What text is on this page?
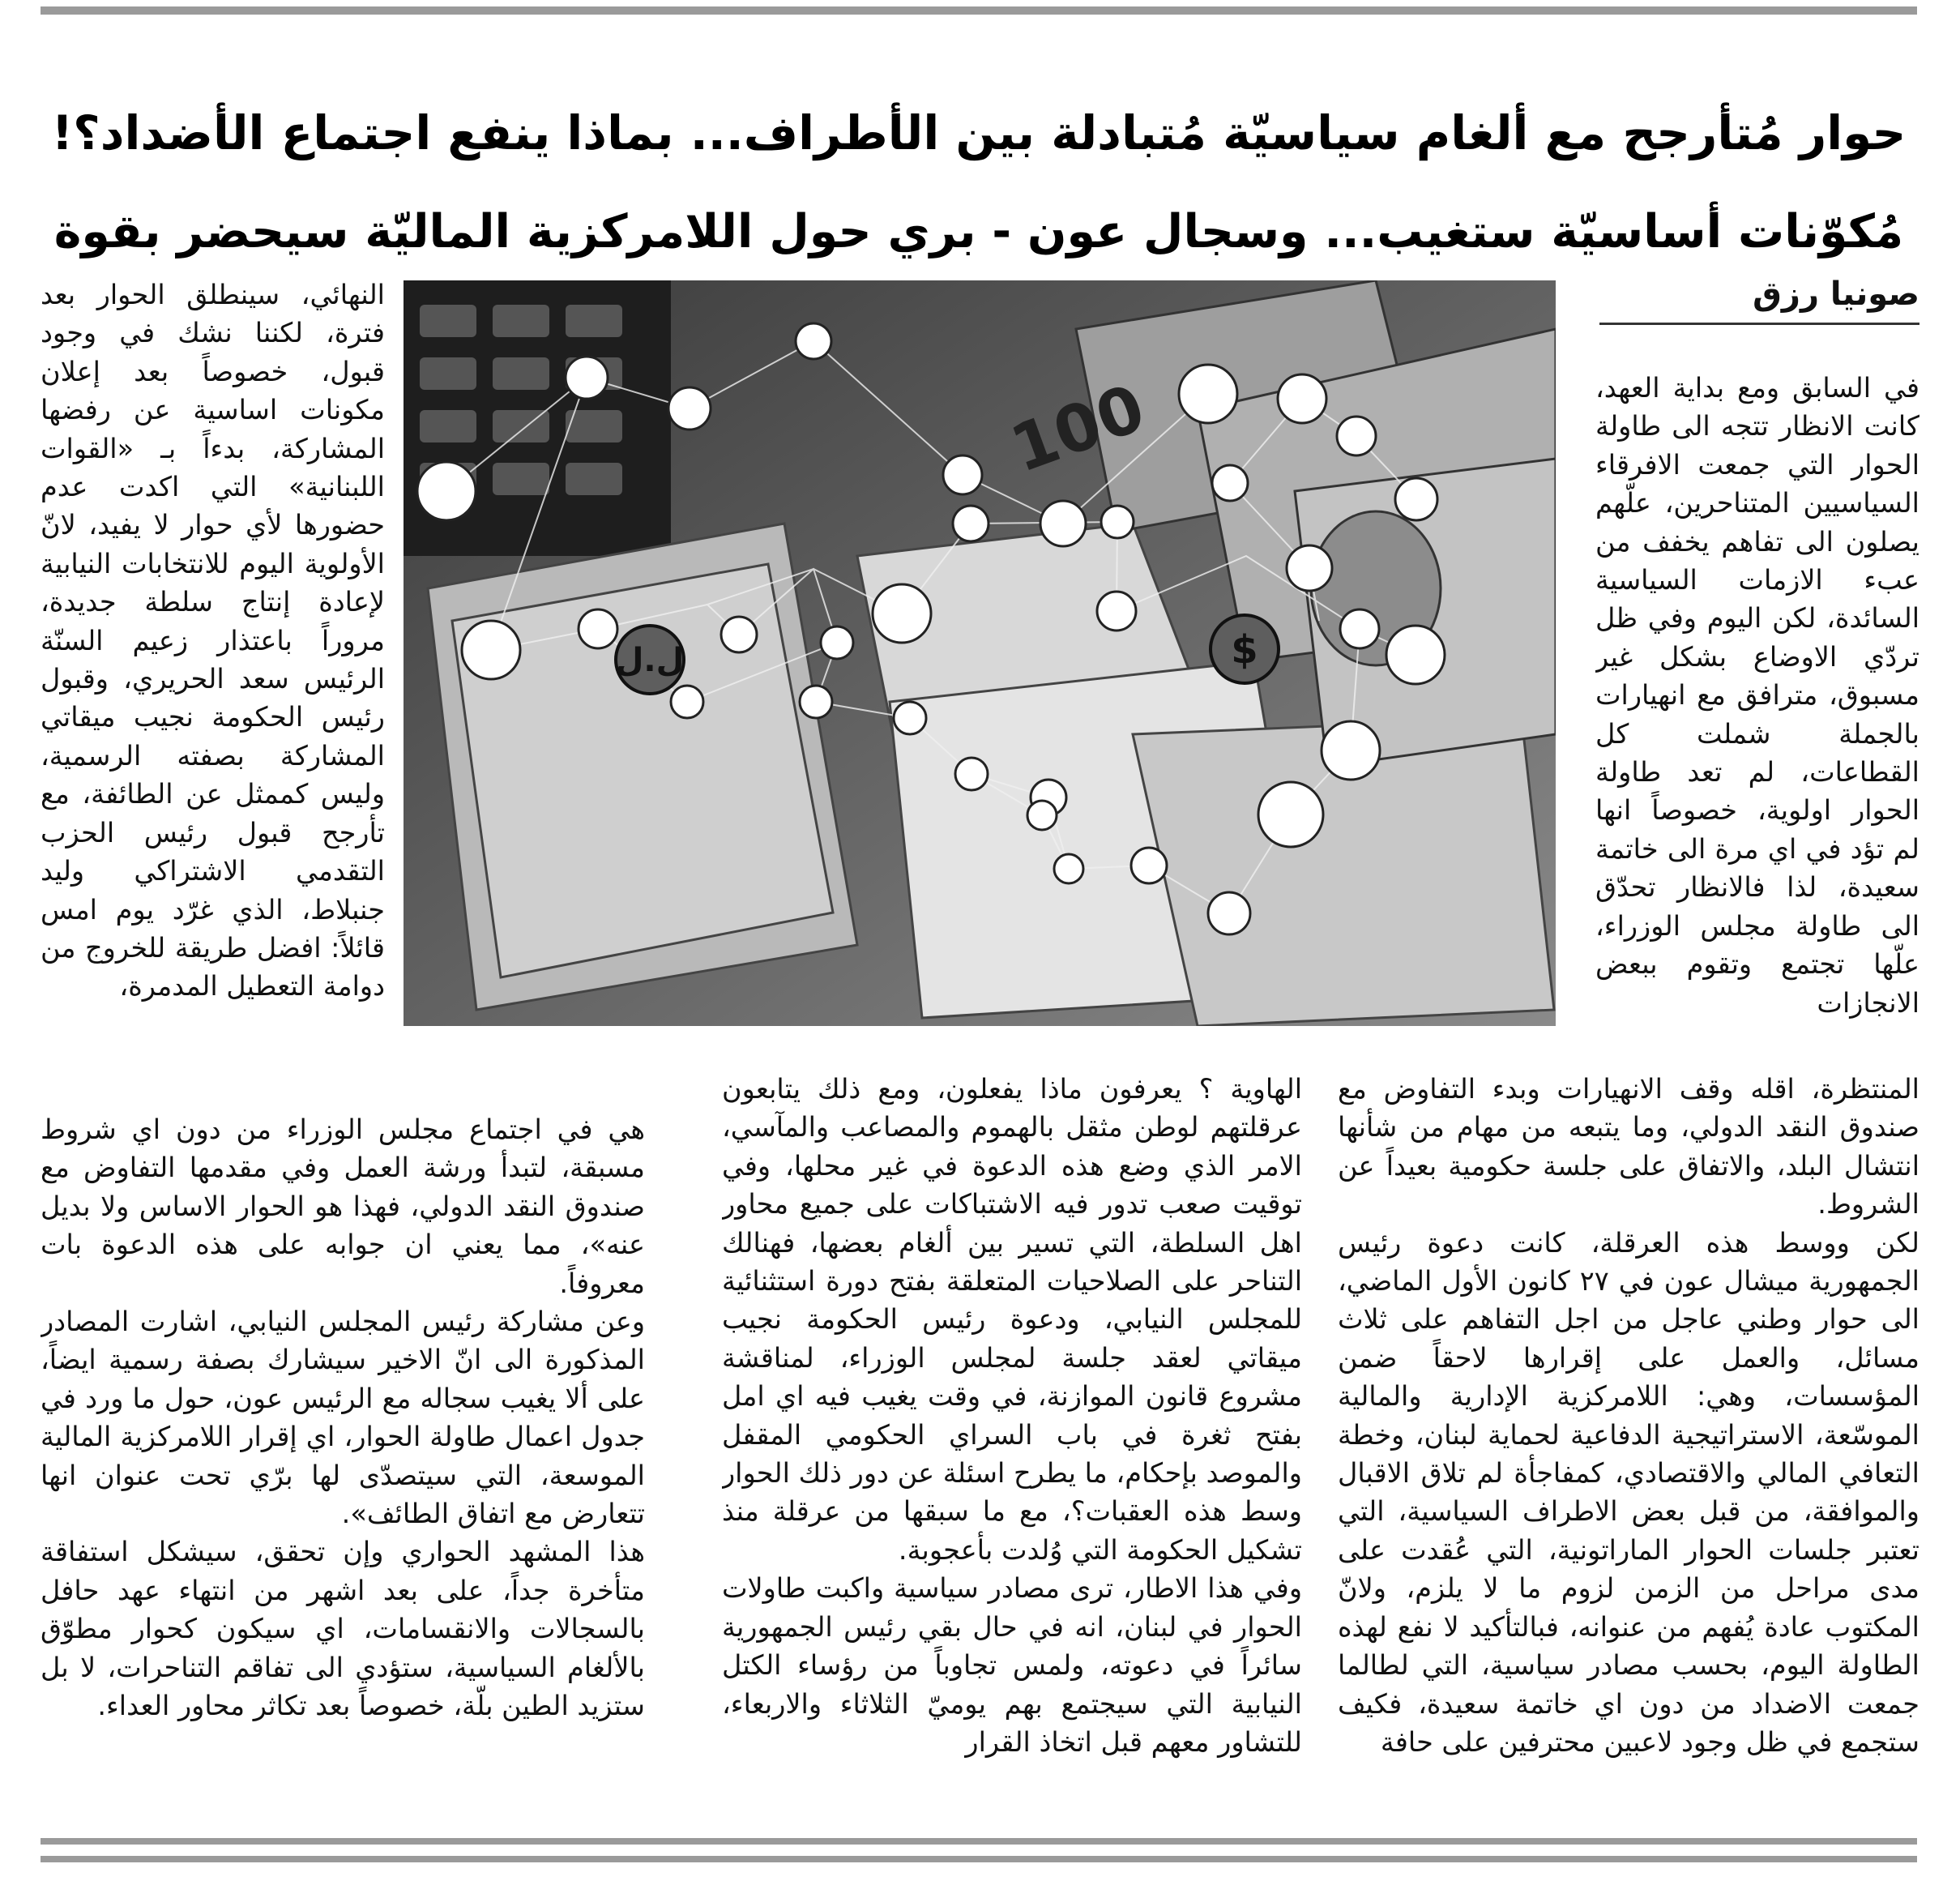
حوار مُتأرجح مع ألغام سياسيّة مُتبادلة بين الأطراف... بماذا ينفع اجتماع الأضداد؟!
مُكوّنات أساسيّة ستغيب... وسجال عون - بري حول اللامركزية الماليّة سيحضر بقوة
صونيا رزق

في السابق ومع بداية العهد، كانت الانظار تتجه الى طاولة الحوار التي جمعت الافرقاء السياسيين المتناحرين، علّهم يصلون الى تفاهم يخفف من عبء الازمات السياسية السائدة، لكن اليوم وفي ظل تردّي الاوضاع بشكل غير مسبوق، مترافق مع انهيارات بالجملة شملت كل القطاعات، لم تعد طاولة الحوار اولوية، خصوصاً انها لم تؤد في اي مرة الى خاتمة سعيدة، لذا فالانظار تحدّق الى طاولة مجلس الوزراء، علّها تجتمع وتقوم ببعض الانجازات

100
ل.ل	$

النهائي، سينطلق الحوار بعد فترة، لكننا نشك في وجود قبول، خصوصاً بعد إعلان مكونات اساسية عن رفضها المشاركة، بدءاً بـ «القوات اللبنانية» التي اكدت عدم حضورها لأي حوار لا يفيد، لانّ الأولوية اليوم للانتخابات النيابية لإعادة إنتاج سلطة جديدة، مروراً باعتذار زعيم السنّة الرئيس سعد الحريري، وقبول رئيس الحكومة نجيب ميقاتي المشاركة بصفته الرسمية، وليس كممثل عن الطائفة، مع تأرجح قبول رئيس الحزب التقدمي الاشتراكي وليد جنبلاط، الذي غرّد يوم امس قائلاً: افضل طريقة للخروج من دوامة التعطيل المدمرة،

المنتظرة، اقله وقف الانهيارات وبدء التفاوض مع صندوق النقد الدولي، وما يتبعه من مهام من شأنها انتشال البلد، والاتفاق على جلسة حكومية بعيداً عن الشروط.

لكن ووسط هذه العرقلة، كانت دعوة رئيس الجمهورية ميشال عون في ٢٧ كانون الأول الماضي، الى حوار وطني عاجل من اجل التفاهم على ثلاث مسائل، والعمل على إقرارها لاحقاً ضمن المؤسسات، وهي: اللامركزية الإدارية والمالية الموسّعة، الاستراتيجية الدفاعية لحماية لبنان، وخطة التعافي المالي والاقتصادي، كمفاجأة لم تلاق الاقبال والموافقة، من قبل بعض الاطراف السياسية، التي تعتبر جلسات الحوار الماراتونية، التي عُقدت على مدى مراحل من الزمن لزوم ما لا يلزم، ولانّ المكتوب عادة يُفهم من عنوانه، فبالتأكيد لا نفع لهذه الطاولة اليوم، بحسب مصادر سياسية، التي لطالما جمعت الاضداد من دون اي خاتمة سعيدة، فكيف ستجمع في ظل وجود لاعبين محترفين على حافة

الهاوية ؟ يعرفون ماذا يفعلون، ومع ذلك يتابعون عرقلتهم لوطن مثقل بالهموم والمصاعب والمآسي، الامر الذي وضع هذه الدعوة في غير محلها، وفي توقيت صعب تدور فيه الاشتباكات على جميع محاور اهل السلطة، التي تسير بين ألغام بعضها، فهنالك التناحر على الصلاحيات المتعلقة بفتح دورة استثنائية للمجلس النيابي، ودعوة رئيس الحكومة نجيب ميقاتي لعقد جلسة لمجلس الوزراء، لمناقشة مشروع قانون الموازنة، في وقت يغيب فيه اي امل بفتح ثغرة في باب السراي الحكومي المقفل والموصد بإحكام، ما يطرح اسئلة عن دور ذلك الحوار وسط هذه العقبات؟، مع ما سبقها من عرقلة منذ تشكيل الحكومة التي وُلدت بأعجوبة.

وفي هذا الاطار، ترى مصادر سياسية واكبت طاولات الحوار في لبنان، انه في حال بقي رئيس الجمهورية سائراً في دعوته، ولمس تجاوباً من رؤساء الكتل النيابية التي سيجتمع بهم يوميّ الثلاثاء والاربعاء، للتشاور معهم قبل اتخاذ القرار

هي في اجتماع مجلس الوزراء من دون اي شروط مسبقة، لتبدأ ورشة العمل وفي مقدمها التفاوض مع صندوق النقد الدولي، فهذا هو الحوار الاساس ولا بديل عنه»، مما يعني ان جوابه على هذه الدعوة بات معروفاً.

وعن مشاركة رئيس المجلس النيابي، اشارت المصادر المذكورة الى انّ الاخير سيشارك بصفة رسمية ايضاً، على ألا يغيب سجاله مع الرئيس عون، حول ما ورد في جدول اعمال طاولة الحوار، اي إقرار اللامركزية المالية الموسعة، التي سيتصدّى لها برّي تحت عنوان انها تتعارض مع اتفاق الطائف».

هذا المشهد الحواري وإن تحقق، سيشكل استفاقة متأخرة جداً، على بعد اشهر من انتهاء عهد حافل بالسجالات والانقسامات، اي سيكون كحوار مطوّق بالألغام السياسية، ستؤدي الى تفاقم التناحرات، لا بل ستزيد الطين بلّة، خصوصاً بعد تكاثر محاور العداء.
